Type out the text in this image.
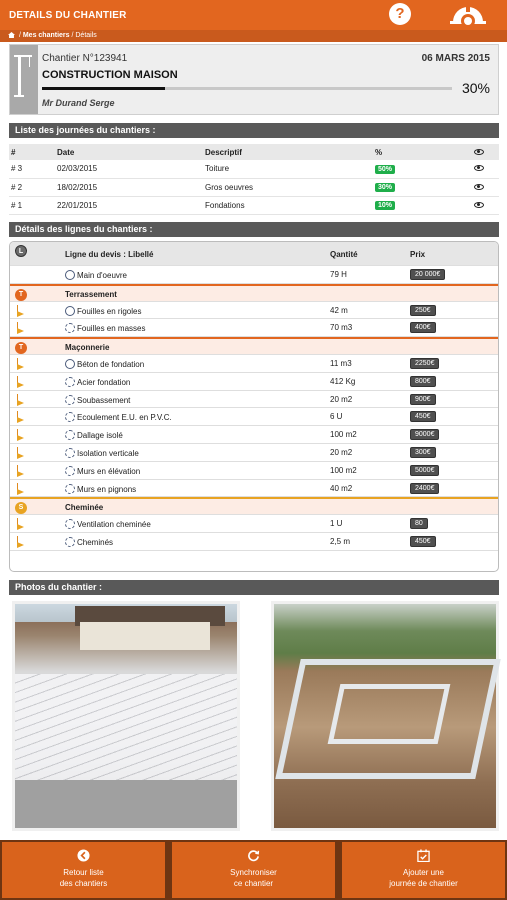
DETAILS DU CHANTIER	?
/ Mes chantiers / Détails
Chantier N°123941	06 MARS 2015
CONSTRUCTION MAISON
30%
Mr Durand Serge
Liste des journées du chantiers :
#	Date	Descriptif	%	
# 3	02/03/2015	Toiture	50%	
# 2	18/02/2015	Gros oeuvres	30%	
# 1	22/01/2015	Fondations	10%	
Détails des lignes du chantiers :
L	Ligne du devis : Libellé	Qantité	Prix
Main d'oeuvre	79 H	20 000€
T	Terrassement
Fouilles en rigoles	42 m	250€
Fouilles en masses	70 m3	400€
T	Maçonnerie
Béton de fondation	11 m3	2250€
Acier fondation	412 Kg	800€
Soubassement	20 m2	900€
Ecoulement E.U. en P.V.C.	6 U	450€
Dallage isolé	100 m2	9000€
Isolation verticale	20 m2	300€
Murs en élévation	100 m2	5000€
Murs en pignons	40 m2	2400€
S	Cheminée
Ventilation cheminée	1 U	80
Cheminés	2,5 m	450€
Photos du chantier :
Retour liste
des chantiers
Synchroniser
ce chantier
Ajouter une
journée de chantier
